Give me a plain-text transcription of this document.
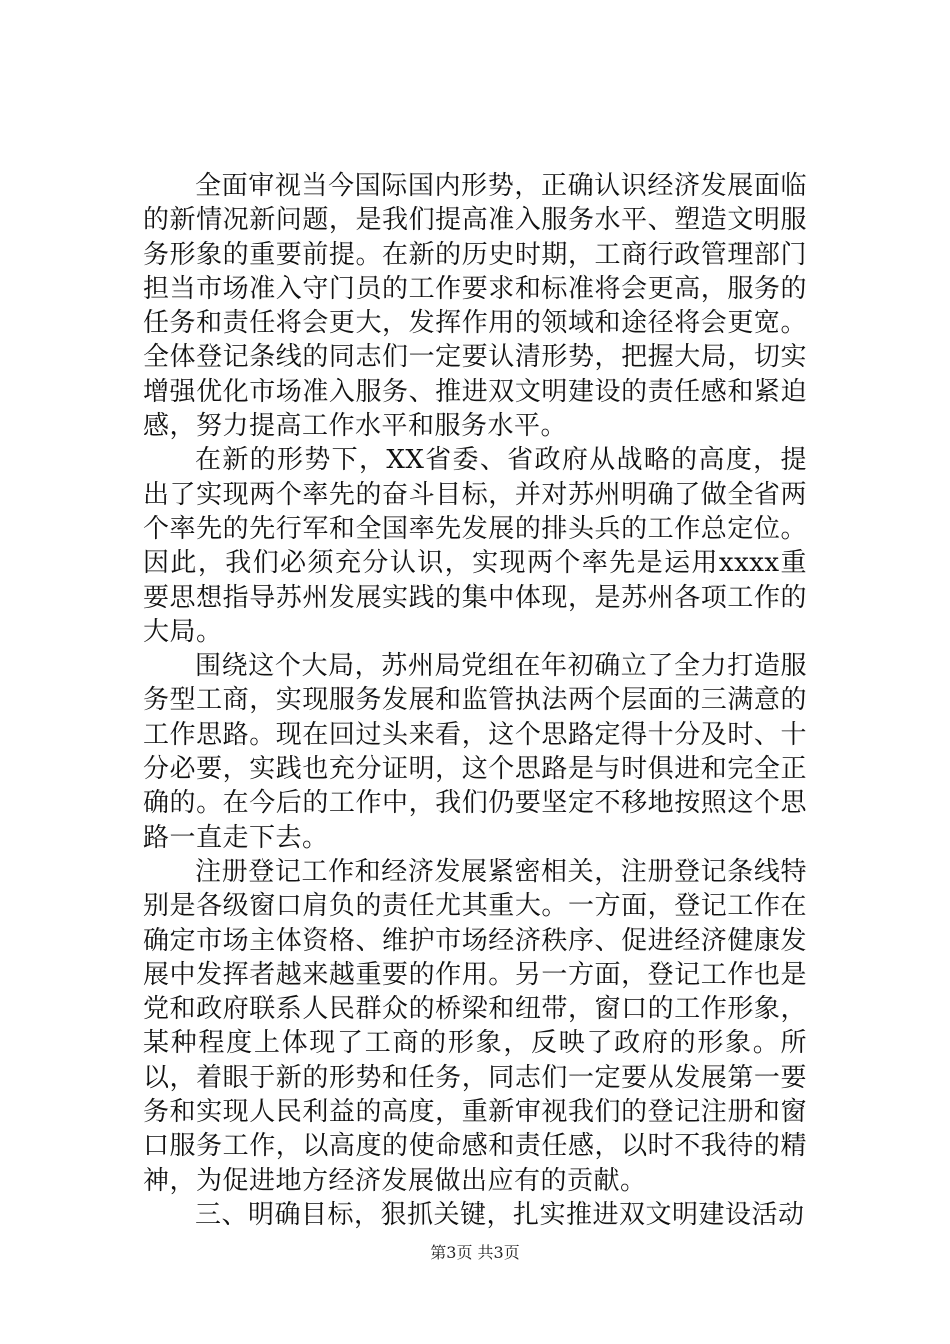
全面审视当今国际国内形势，正确认识经济发展面临的新情况新问题，是我们提高准入服务水平、塑造文明服务形象的重要前提。在新的历史时期，工商行政管理部门担当市场准入守门员的工作要求和标准将会更高，服务的任务和责任将会更大，发挥作用的领域和途径将会更宽。全体登记条线的同志们一定要认清形势，把握大局，切实增强优化市场准入服务、推进双文明建设的责任感和紧迫感，努力提高工作水平和服务水平。

在新的形势下，XX省委、省政府从战略的高度，提出了实现两个率先的奋斗目标，并对苏州明确了做全省两个率先的先行军和全国率先发展的排头兵的工作总定位。因此，我们必须充分认识，实现两个率先是运用xxxx重要思想指导苏州发展实践的集中体现，是苏州各项工作的大局。

围绕这个大局，苏州局党组在年初确立了全力打造服务型工商，实现服务发展和监管执法两个层面的三满意的工作思路。现在回过头来看，这个思路定得十分及时、十分必要，实践也充分证明，这个思路是与时俱进和完全正确的。在今后的工作中，我们仍要坚定不移地按照这个思路一直走下去。

注册登记工作和经济发展紧密相关，注册登记条线特别是各级窗口肩负的责任尤其重大。一方面，登记工作在确定市场主体资格、维护市场经济秩序、促进经济健康发展中发挥者越来越重要的作用。另一方面，登记工作也是党和政府联系人民群众的桥梁和纽带，窗口的工作形象，某种程度上体现了工商的形象，反映了政府的形象。所以，着眼于新的形势和任务，同志们一定要从发展第一要务和实现人民利益的高度，重新审视我们的登记注册和窗口服务工作，以高度的使命感和责任感，以时不我待的精神，为促进地方经济发展做出应有的贡献。

三、明确目标，狠抓关键，扎实推进双文明建设活动

第3页 共3页
